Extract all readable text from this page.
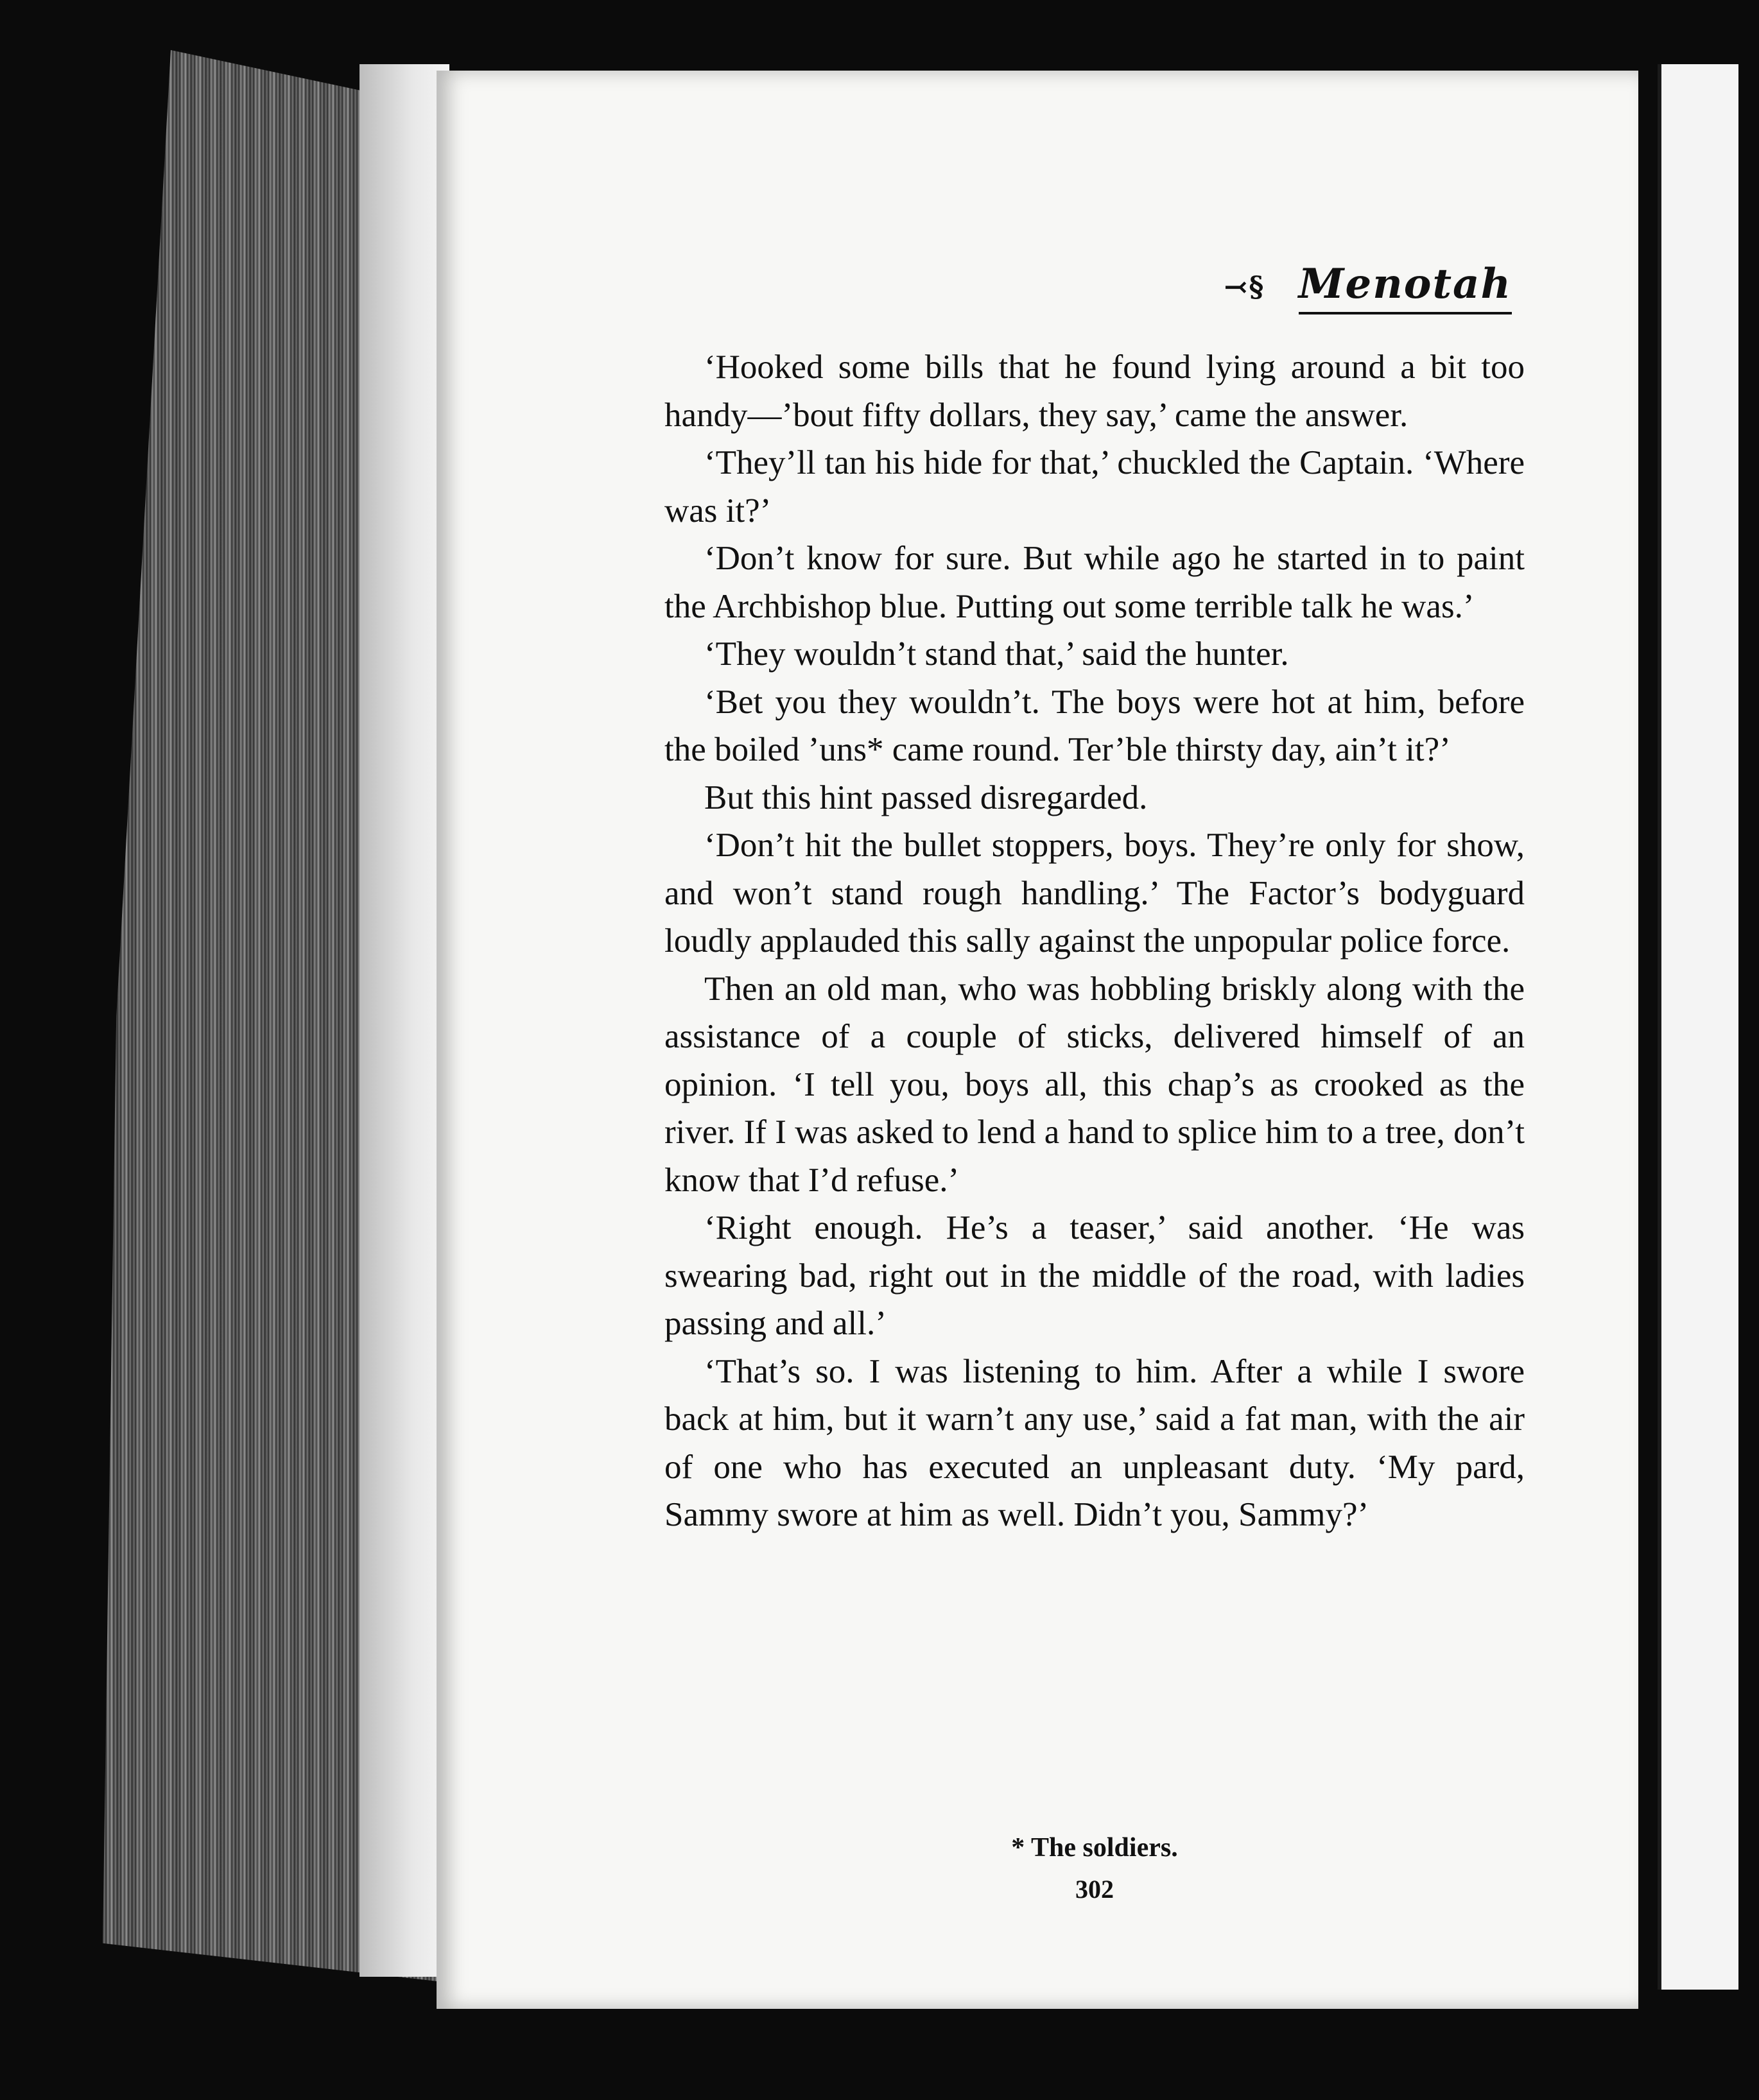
⤙§ Menotah

‘Hooked some bills that he found lying around a bit too handy—’bout fifty dollars, they say,’ came the answer.

‘They’ll tan his hide for that,’ chuckled the Captain. ‘Where was it?’

‘Don’t know for sure. But while ago he started in to paint the Archbishop blue. Putting out some terrible talk he was.’

‘They wouldn’t stand that,’ said the hunter.

‘Bet you they wouldn’t. The boys were hot at him, before the boiled ’uns* came round. Ter’ble thirsty day, ain’t it?’

But this hint passed disregarded.

‘Don’t hit the bullet stoppers, boys. They’re only for show, and won’t stand rough handling.’ The Factor’s bodyguard loudly applauded this sally against the unpopular police force.

Then an old man, who was hobbling briskly along with the assistance of a couple of sticks, delivered himself of an opinion. ‘I tell you, boys all, this chap’s as crooked as the river. If I was asked to lend a hand to splice him to a tree, don’t know that I’d refuse.’

‘Right enough. He’s a teaser,’ said another. ‘He was swearing bad, right out in the middle of the road, with ladies passing and all.’

‘That’s so. I was listening to him. After a while I swore back at him, but it warn’t any use,’ said a fat man, with the air of one who has executed an unpleasant duty. ‘My pard, Sammy swore at him as well. Didn’t you, Sammy?’

* The soldiers.
302
